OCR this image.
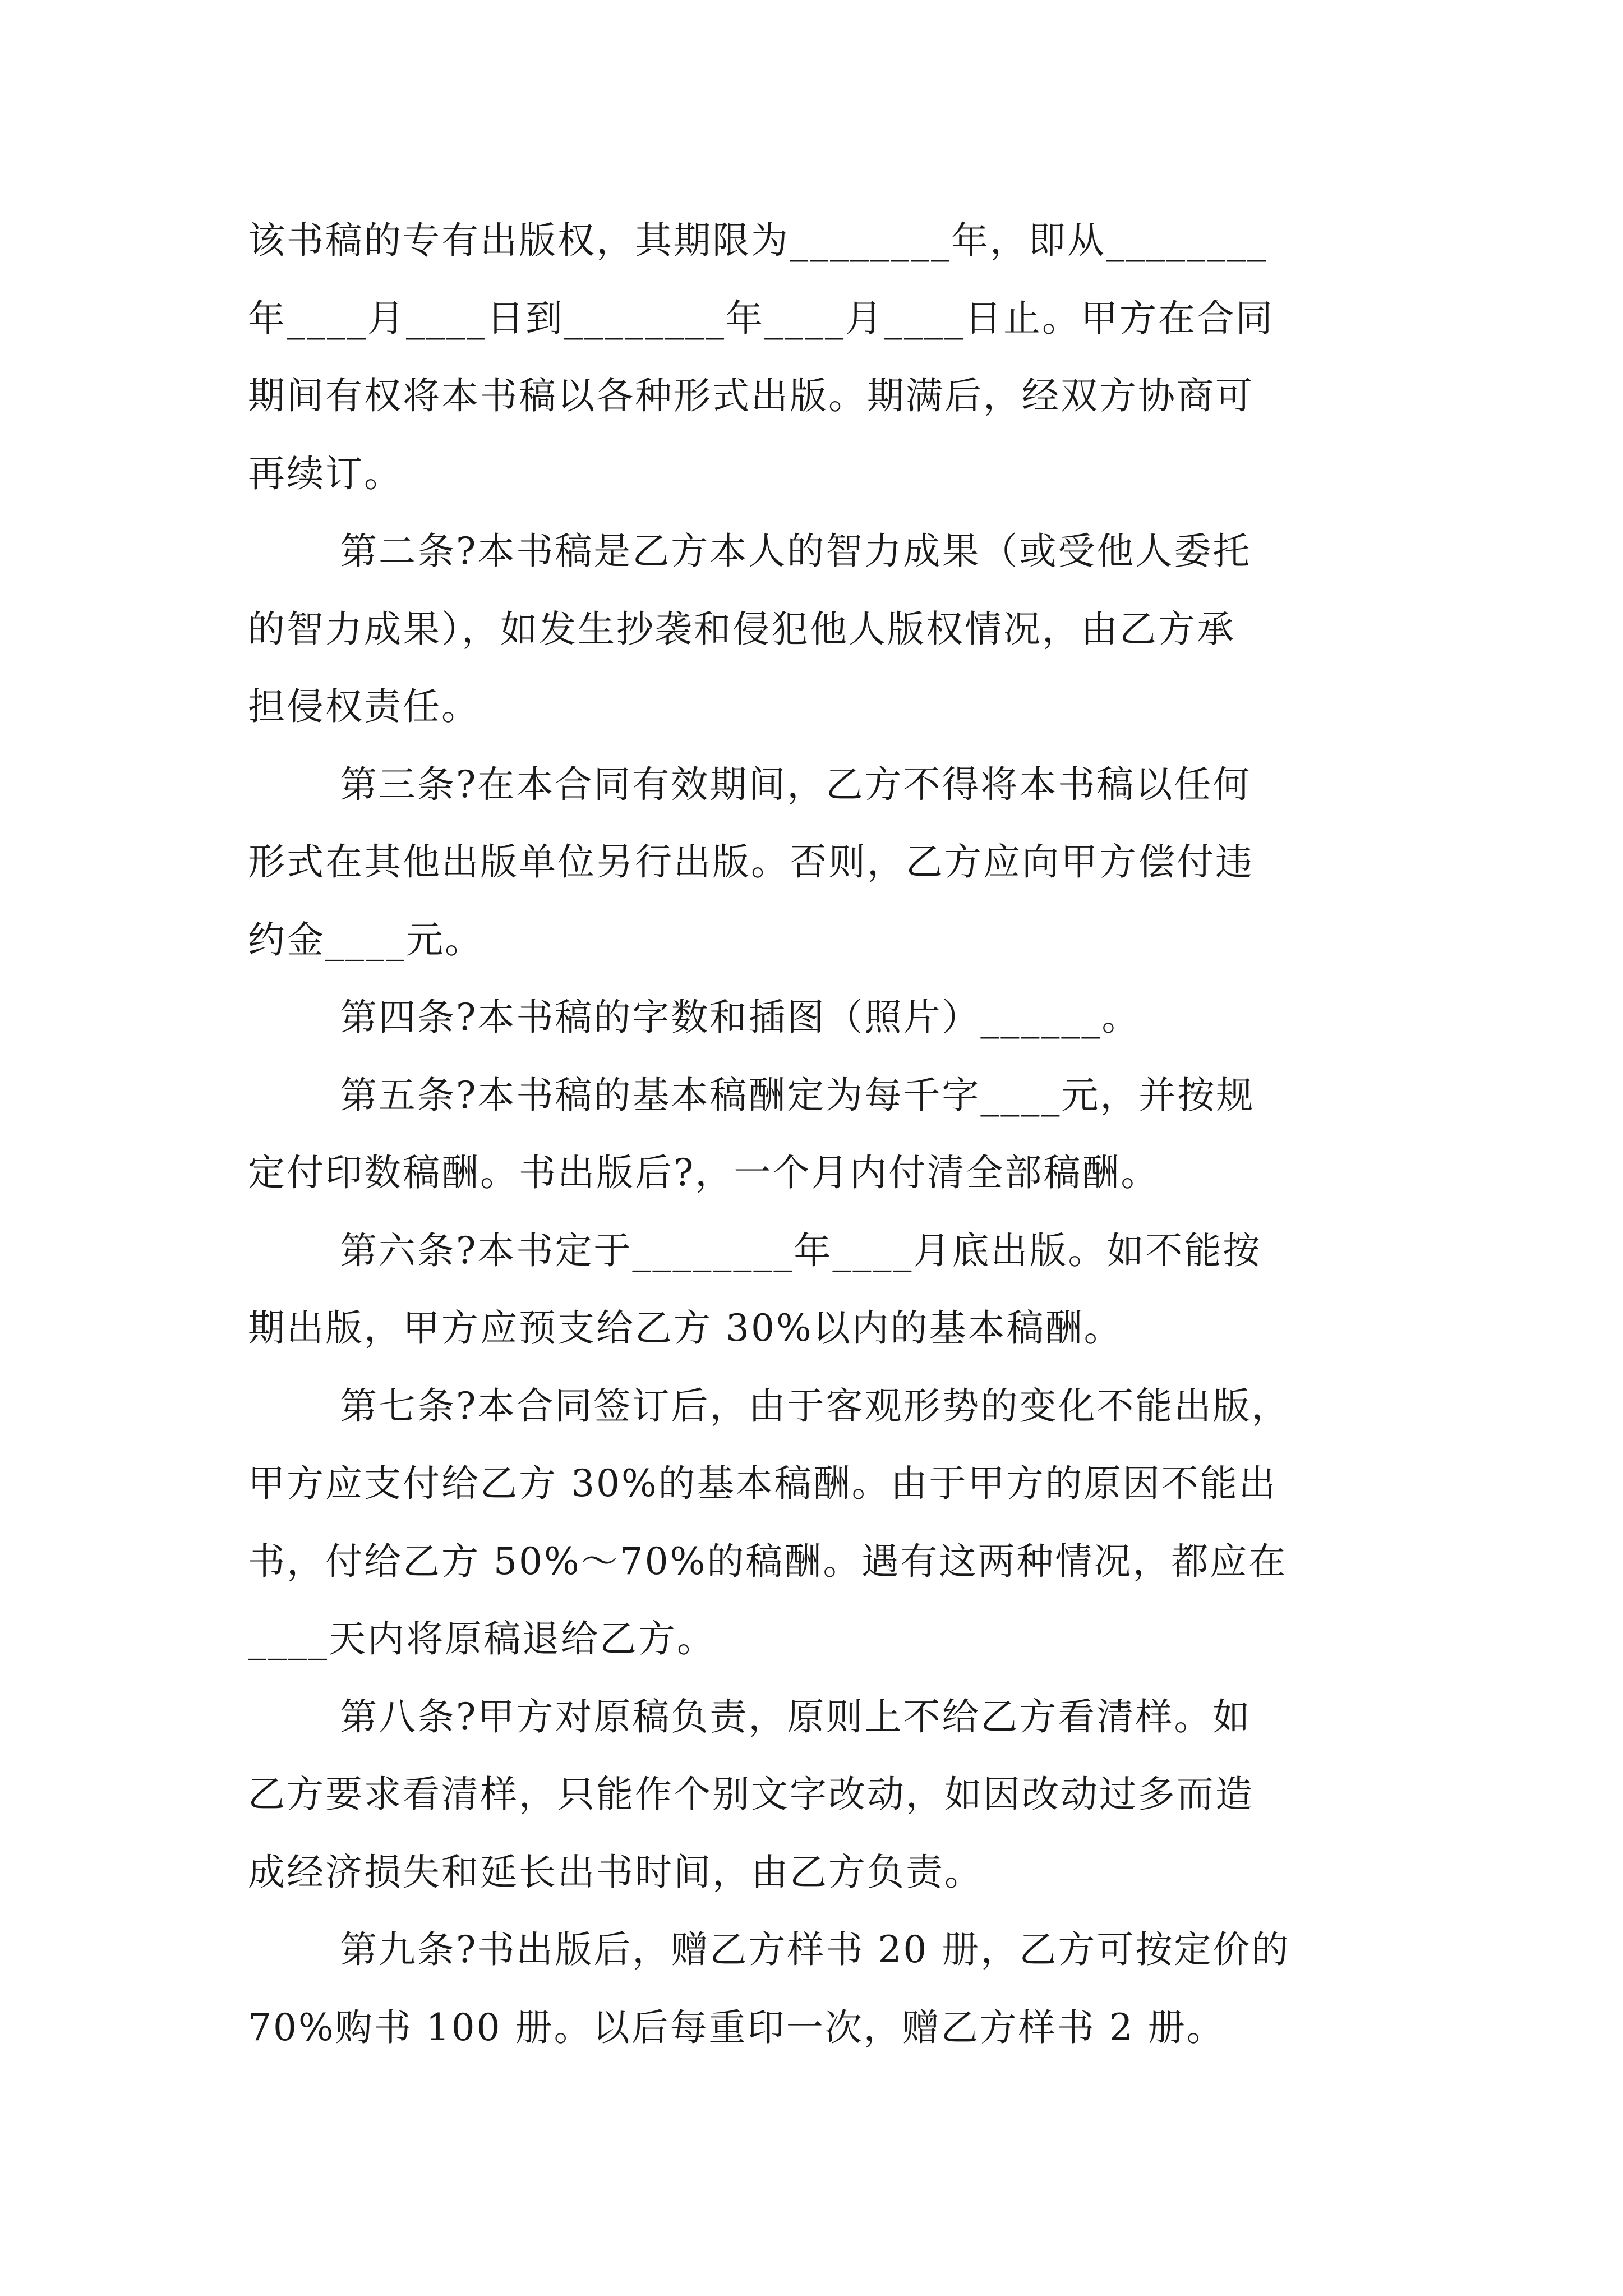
该书稿的专有出版权，其期限为________年，即从________

年____月____日到________年____月____日止。甲方在合同

期间有权将本书稿以各种形式出版。期满后，经双方协商可

再续订。

第二条?本书稿是乙方本人的智力成果（或受他人委托

的智力成果），如发生抄袭和侵犯他人版权情况，由乙方承

担侵权责任。

第三条?在本合同有效期间，乙方不得将本书稿以任何

形式在其他出版单位另行出版。否则，乙方应向甲方偿付违

约金____元。

第四条?本书稿的字数和插图（照片）______。

第五条?本书稿的基本稿酬定为每千字____元，并按规

定付印数稿酬。书出版后?，一个月内付清全部稿酬。

第六条?本书定于________年____月底出版。如不能按

期出版，甲方应预支给乙方 30%以内的基本稿酬。

第七条?本合同签订后，由于客观形势的变化不能出版，

甲方应支付给乙方 30%的基本稿酬。由于甲方的原因不能出

书，付给乙方 50%～70%的稿酬。遇有这两种情况，都应在

____天内将原稿退给乙方。

第八条?甲方对原稿负责，原则上不给乙方看清样。如

乙方要求看清样，只能作个别文字改动，如因改动过多而造

成经济损失和延长出书时间，由乙方负责。

第九条?书出版后，赠乙方样书 20 册，乙方可按定价的

70%购书 100 册。以后每重印一次，赠乙方样书 2 册。
